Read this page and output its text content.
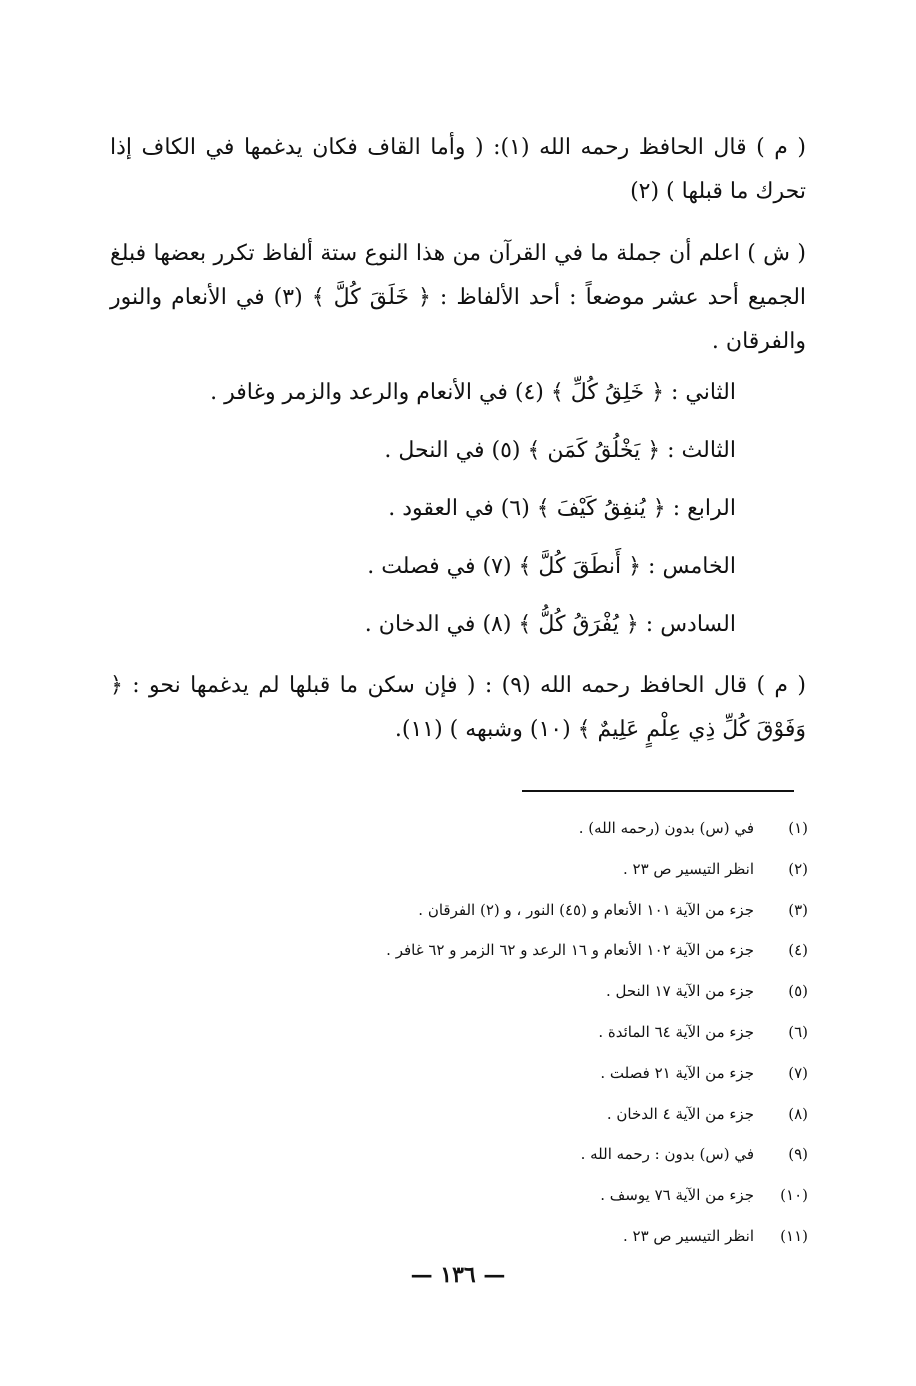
( م ) قال الحافظ رحمه الله (١): ( وأما القاف فكان يدغمها في الكاف إذا تحرك ما قبلها ) (٢)

( ش ) اعلم أن جملة ما في القرآن من هذا النوع ستة ألفاظ تكرر بعضها فبلغ الجميع أحد عشر موضعاً : أحد الألفاظ : ﴿ خَلَقَ كُلَّ ﴾ (٣) في الأنعام والنور والفرقان .

الثاني : ﴿ خَلِقُ كُلِّ ﴾ (٤) في الأنعام والرعد والزمر وغافر .

الثالث : ﴿ يَخْلُقُ كَمَن ﴾ (٥) في النحل .

الرابع : ﴿ يُنفِقُ كَيْفَ ﴾ (٦) في العقود .

الخامس : ﴿ أَنطَقَ كُلَّ ﴾ (٧) في فصلت .

السادس : ﴿ يُفْرَقُ كُلُّ ﴾ (٨) في الدخان .

( م ) قال الحافظ رحمه الله (٩) : ( فإن سكن ما قبلها لم يدغمها نحو : ﴿ وَفَوْقَ كُلِّ ذِي عِلْمٍ عَلِيمٌ ﴾ (١٠) وشبهه ) (١١).

(١)في (س) بدون (رحمه الله) .
(٢)انظر التيسير ص ٢٣ .
(٣)جزء من الآية ١٠١ الأنعام و (٤٥) النور ، و (٢) الفرقان .
(٤)جزء من الآية ١٠٢ الأنعام و ١٦ الرعد و ٦٢ الزمر و ٦٢ غافر .
(٥)جزء من الآية ١٧ النحل .
(٦)جزء من الآية ٦٤ المائدة .
(٧)جزء من الآية ٢١ فصلت .
(٨)جزء من الآية ٤ الدخان .
(٩)في (س) بدون : رحمه الله .
(١٠)جزء من الآية ٧٦ يوسف .
(١١)انظر التيسير ص ٢٣ .
— ١٣٦ —
